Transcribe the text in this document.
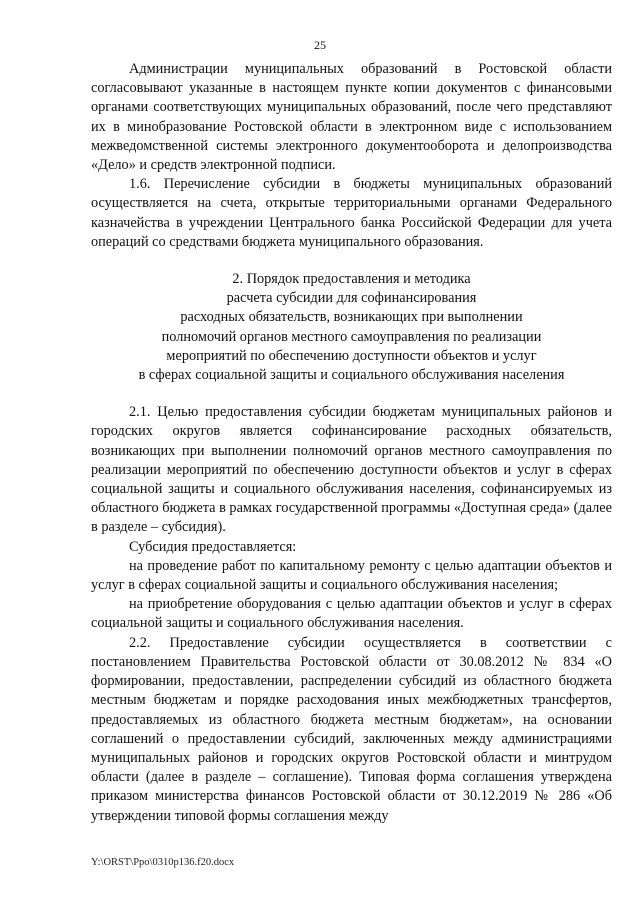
25

Администрации муниципальных образований в Ростовской области согласовывают указанные в настоящем пункте копии документов с финансовыми органами соответствующих муниципальных образований, после чего представляют их в минобразование Ростовской области в электронном виде с использованием межведомственной системы электронного документооборота и делопроизводства «Дело» и средств электронной подписи.

1.6. Перечисление субсидии в бюджеты муниципальных образований осуществляется на счета, открытые территориальными органами Федерального казначейства в учреждении Центрального банка Российской Федерации для учета операций со средствами бюджета муниципального образования.

2. Порядок предоставления и методика

расчета субсидии для софинансирования

расходных обязательств, возникающих при выполнении

полномочий органов местного самоуправления по реализации

мероприятий по обеспечению доступности объектов и услуг

в сферах социальной защиты и социального обслуживания населения

2.1. Целью предоставления субсидии бюджетам муниципальных районов и городских округов является софинансирование расходных обязательств, возникающих при выполнении полномочий органов местного самоуправления по реализации мероприятий по обеспечению доступности объектов и услуг в сферах социальной защиты и социального обслуживания населения, софинансируемых из областного бюджета в рамках государственной программы «Доступная среда» (далее в разделе – субсидия).

Субсидия предоставляется:

на проведение работ по капитальному ремонту с целью адаптации объектов и услуг в сферах социальной защиты и социального обслуживания населения;

на приобретение оборудования с целью адаптации объектов и услуг в сферах социальной защиты и социального обслуживания населения.

2.2. Предоставление субсидии осуществляется в соответствии с постановлением Правительства Ростовской области от 30.08.2012 № 834 «О формировании, предоставлении, распределении субсидий из областного бюджета местным бюджетам и порядке расходования иных межбюджетных трансфертов, предоставляемых из областного бюджета местным бюджетам», на основании соглашений о предоставлении субсидий, заключенных между администрациями муниципальных районов и городских округов Ростовской области и минтрудом области (далее в разделе – соглашение). Типовая форма соглашения утверждена приказом министерства финансов Ростовской области от 30.12.2019 № 286 «Об утверждении типовой формы соглашения между

Y:\ORST\Ppo\0310p136.f20.docx
